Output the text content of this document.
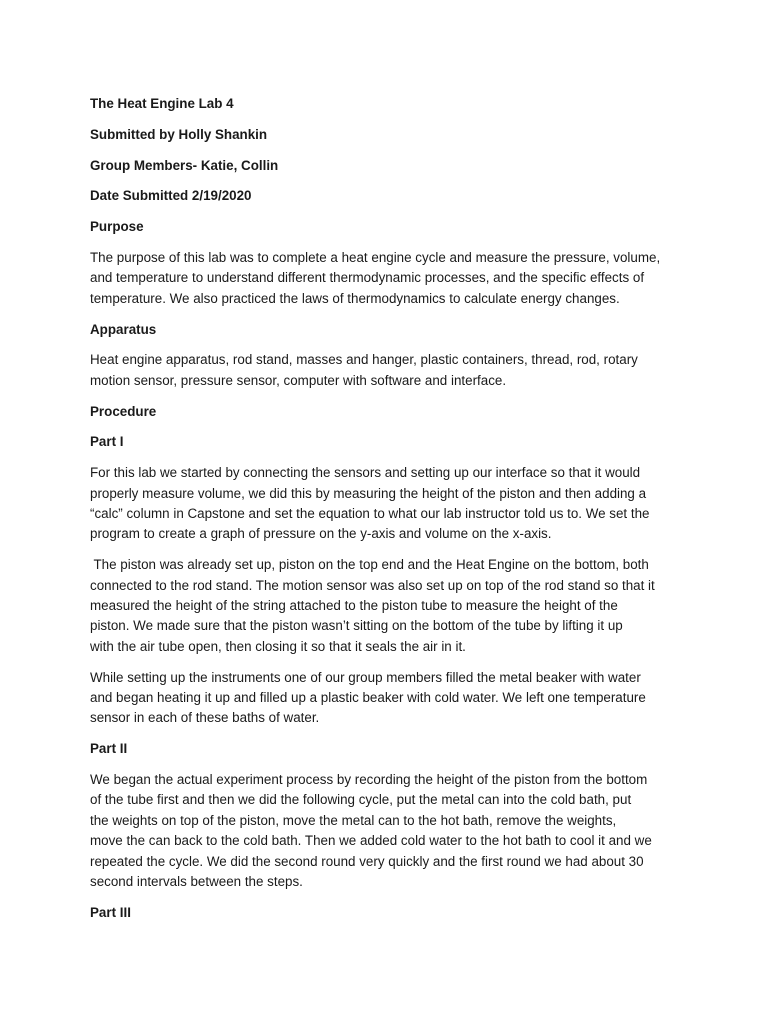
The Heat Engine Lab 4

Submitted by Holly Shankin

Group Members- Katie, Collin

Date Submitted 2/19/2020

Purpose

The purpose of this lab was to complete a heat engine cycle and measure the pressure, volume,

and temperature to understand different thermodynamic processes, and the specific effects of

temperature. We also practiced the laws of thermodynamics to calculate energy changes.

Apparatus

Heat engine apparatus, rod stand, masses and hanger, plastic containers, thread, rod, rotary

motion sensor, pressure sensor, computer with software and interface.

Procedure

Part I

For this lab we started by connecting the sensors and setting up our interface so that it would

properly measure volume, we did this by measuring the height of the piston and then adding a

“calc” column in Capstone and set the equation to what our lab instructor told us to. We set the

program to create a graph of pressure on the y-axis and volume on the x-axis.

The piston was already set up, piston on the top end and the Heat Engine on the bottom, both

connected to the rod stand. The motion sensor was also set up on top of the rod stand so that it

measured the height of the string attached to the piston tube to measure the height of the

piston. We made sure that the piston wasn’t sitting on the bottom of the tube by lifting it up

with the air tube open, then closing it so that it seals the air in it.

While setting up the instruments one of our group members filled the metal beaker with water

and began heating it up and filled up a plastic beaker with cold water. We left one temperature

sensor in each of these baths of water.

Part II

We began the actual experiment process by recording the height of the piston from the bottom

of the tube first and then we did the following cycle, put the metal can into the cold bath, put

the weights on top of the piston, move the metal can to the hot bath, remove the weights,

move the can back to the cold bath. Then we added cold water to the hot bath to cool it and we

repeated the cycle. We did the second round very quickly and the first round we had about 30

second intervals between the steps.

Part III
